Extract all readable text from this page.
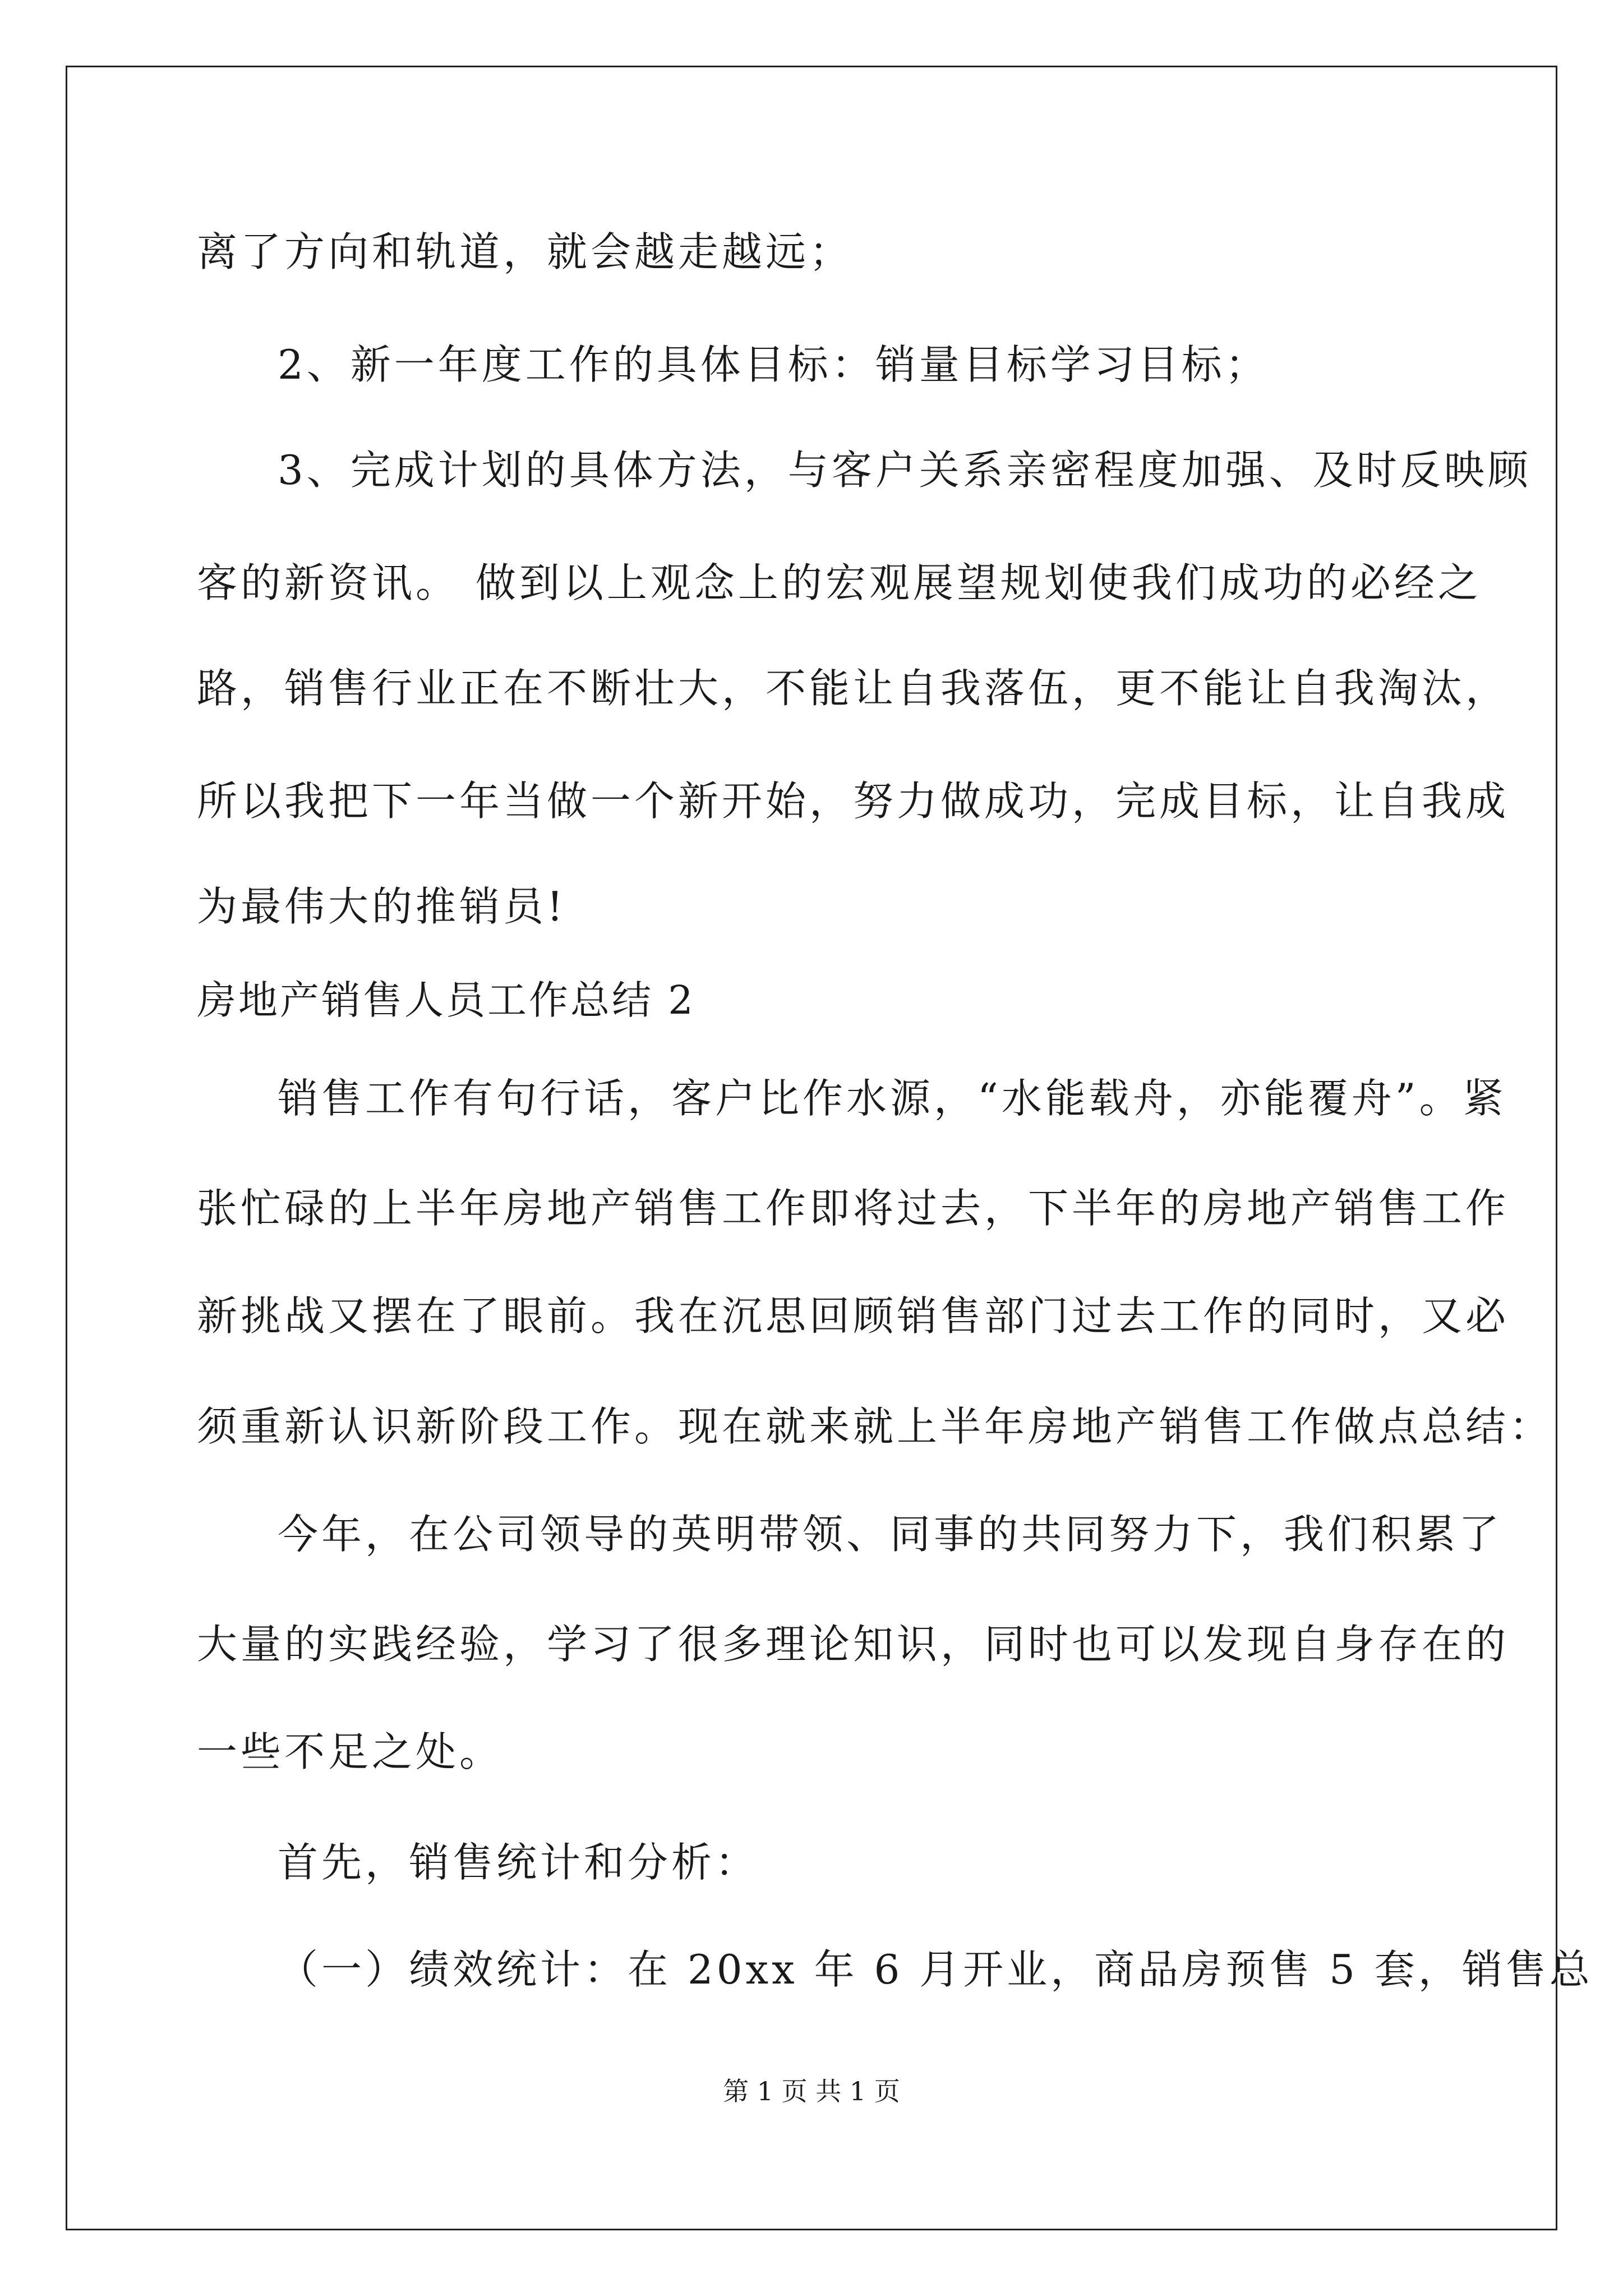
离了方向和轨道，就会越走越远；
2、新一年度工作的具体目标：销量目标学习目标；
3、完成计划的具体方法，与客户关系亲密程度加强、及时反映顾
客的新资讯。 做到以上观念上的宏观展望规划使我们成功的必经之
路，销售行业正在不断壮大，不能让自我落伍，更不能让自我淘汰，
所以我把下一年当做一个新开始，努力做成功，完成目标，让自我成
为最伟大的推销员!
房地产销售人员工作总结 2
销售工作有句行话，客户比作水源，“水能载舟，亦能覆舟”。紧
张忙碌的上半年房地产销售工作即将过去，下半年的房地产销售工作
新挑战又摆在了眼前。我在沉思回顾销售部门过去工作的同时，又必
须重新认识新阶段工作。现在就来就上半年房地产销售工作做点总结：
今年，在公司领导的英明带领、同事的共同努力下，我们积累了
大量的实践经验，学习了很多理论知识，同时也可以发现自身存在的
一些不足之处。
首先，销售统计和分析：
（一）绩效统计：在 20xx 年 6 月开业，商品房预售 5 套，销售总
第 1 页 共 1 页
